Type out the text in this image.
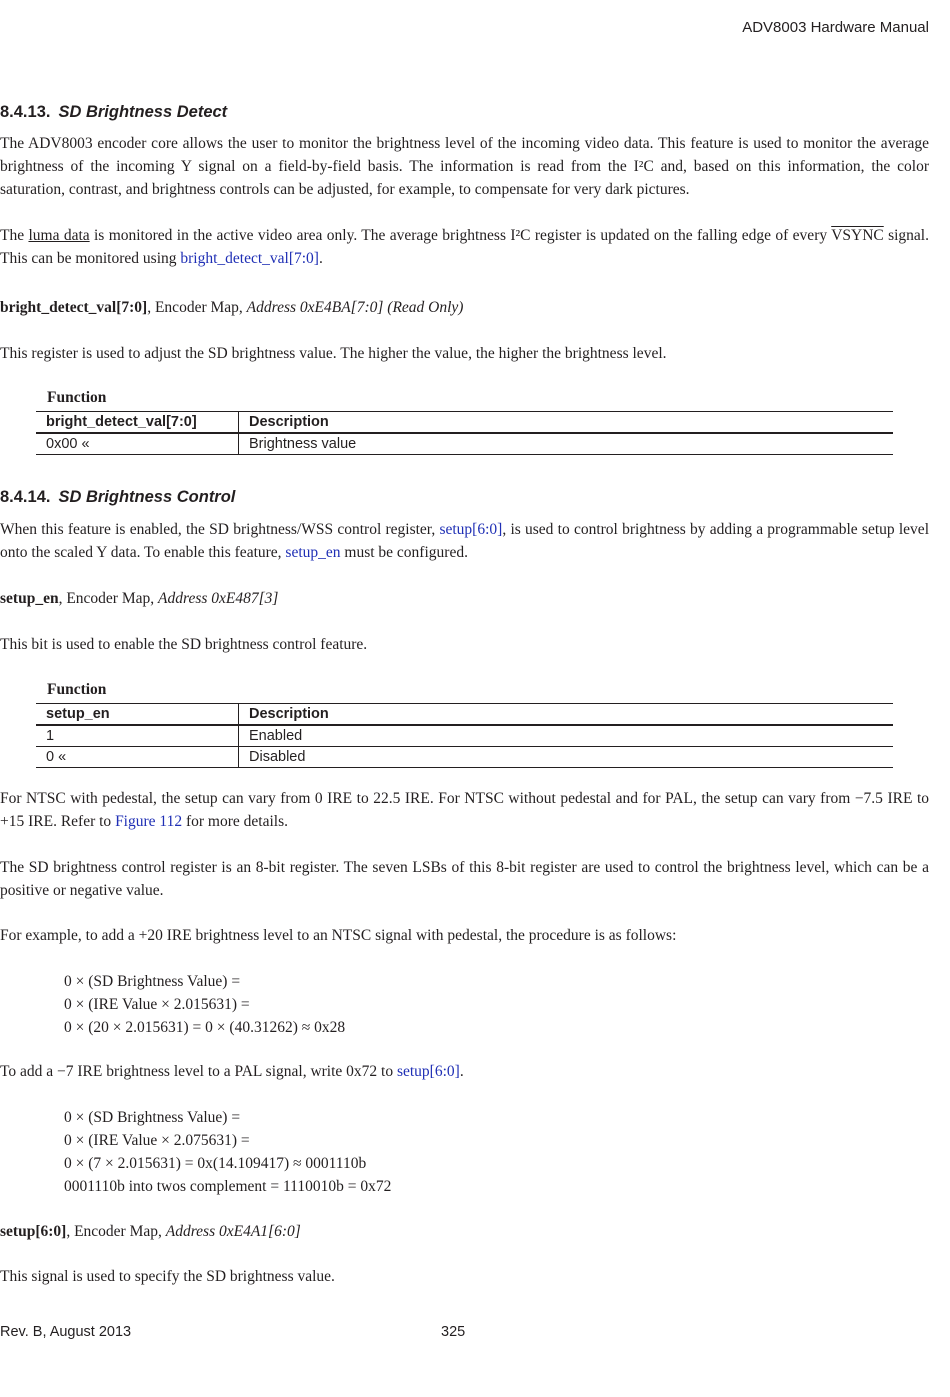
ADV8003 Hardware Manual
8.4.13. SD Brightness Detect

The ADV8003 encoder core allows the user to monitor the brightness level of the incoming video data. This feature is used to monitor the average brightness of the incoming Y signal on a field-by-field basis. The information is read from the I²C and, based on this information, the color saturation, contrast, and brightness controls can be adjusted, for example, to compensate for very dark pictures.

The luma data is monitored in the active video area only. The average brightness I²C register is updated on the falling edge of every VSYNC signal. This can be monitored using bright_detect_val[7:0].

bright_detect_val[7:0], Encoder Map, Address 0xE4BA[7:0] (Read Only)

This register is used to adjust the SD brightness value. The higher the value, the higher the brightness level.

Function
bright_detect_val[7:0]	Description
0x00 «	Brightness value
8.4.14. SD Brightness Control

When this feature is enabled, the SD brightness/WSS control register, setup[6:0], is used to control brightness by adding a programmable setup level onto the scaled Y data. To enable this feature, setup_en must be configured.

setup_en, Encoder Map, Address 0xE487[3]

This bit is used to enable the SD brightness control feature.

Function
setup_en	Description
1	Enabled
0 «	Disabled

For NTSC with pedestal, the setup can vary from 0 IRE to 22.5 IRE. For NTSC without pedestal and for PAL, the setup can vary from −7.5 IRE to +15 IRE. Refer to Figure 112 for more details.

The SD brightness control register is an 8-bit register. The seven LSBs of this 8-bit register are used to control the brightness level, which can be a positive or negative value.

For example, to add a +20 IRE brightness level to an NTSC signal with pedestal, the procedure is as follows:

0 × (SD Brightness Value) =
0 × (IRE Value × 2.015631) =
0 × (20 × 2.015631) = 0 × (40.31262) ≈ 0x28

To add a −7 IRE brightness level to a PAL signal, write 0x72 to setup[6:0].

0 × (SD Brightness Value) =
0 × (IRE Value × 2.075631) =
0 × (7 × 2.015631) = 0x(14.109417) ≈ 0001110b
0001110b into twos complement = 1110010b = 0x72

setup[6:0], Encoder Map, Address 0xE4A1[6:0]

This signal is used to specify the SD brightness value.

Rev. B, August 2013	325
